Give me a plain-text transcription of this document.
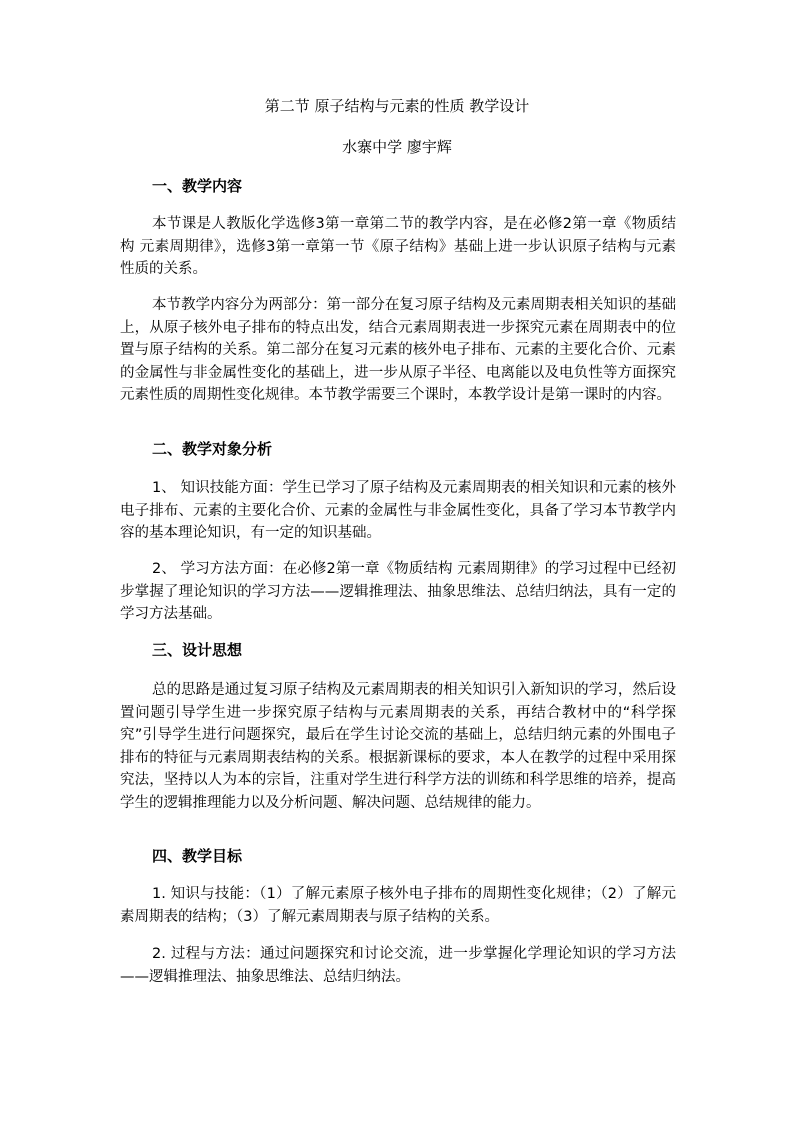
第二节 原子结构与元素的性质 教学设计
水寨中学 廖宇辉
一、教学内容

本节课是人教版化学选修3第一章第二节的教学内容，是在必修2第一章《物质结构 元素周期律》，选修3第一章第一节《原子结构》基础上进一步认识原子结构与元素性质的关系。

本节教学内容分为两部分：第一部分在复习原子结构及元素周期表相关知识的基础上，从原子核外电子排布的特点出发，结合元素周期表进一步探究元素在周期表中的位置与原子结构的关系。第二部分在复习元素的核外电子排布、元素的主要化合价、元素的金属性与非金属性变化的基础上，进一步从原子半径、电离能以及电负性等方面探究元素性质的周期性变化规律。本节教学需要三个课时，本教学设计是第一课时的内容。

二、教学对象分析

1、 知识技能方面：学生已学习了原子结构及元素周期表的相关知识和元素的核外电子排布、元素的主要化合价、元素的金属性与非金属性变化，具备了学习本节教学内容的基本理论知识，有一定的知识基础。

2、 学习方法方面：在必修2第一章《物质结构 元素周期律》的学习过程中已经初步掌握了理论知识的学习方法——逻辑推理法、抽象思维法、总结归纳法，具有一定的学习方法基础。

三、设计思想

总的思路是通过复习原子结构及元素周期表的相关知识引入新知识的学习，然后设置问题引导学生进一步探究原子结构与元素周期表的关系，再结合教材中的“科学探究”引导学生进行问题探究，最后在学生讨论交流的基础上，总结归纳元素的外围电子排布的特征与元素周期表结构的关系。根据新课标的要求，本人在教学的过程中采用探究法，坚持以人为本的宗旨，注重对学生进行科学方法的训练和科学思维的培养，提高学生的逻辑推理能力以及分析问题、解决问题、总结规律的能力。

四、教学目标

1. 知识与技能：（1）了解元素原子核外电子排布的周期性变化规律；（2）了解元素周期表的结构；（3）了解元素周期表与原子结构的关系。

2. 过程与方法：通过问题探究和讨论交流，进一步掌握化学理论知识的学习方法——逻辑推理法、抽象思维法、总结归纳法。
